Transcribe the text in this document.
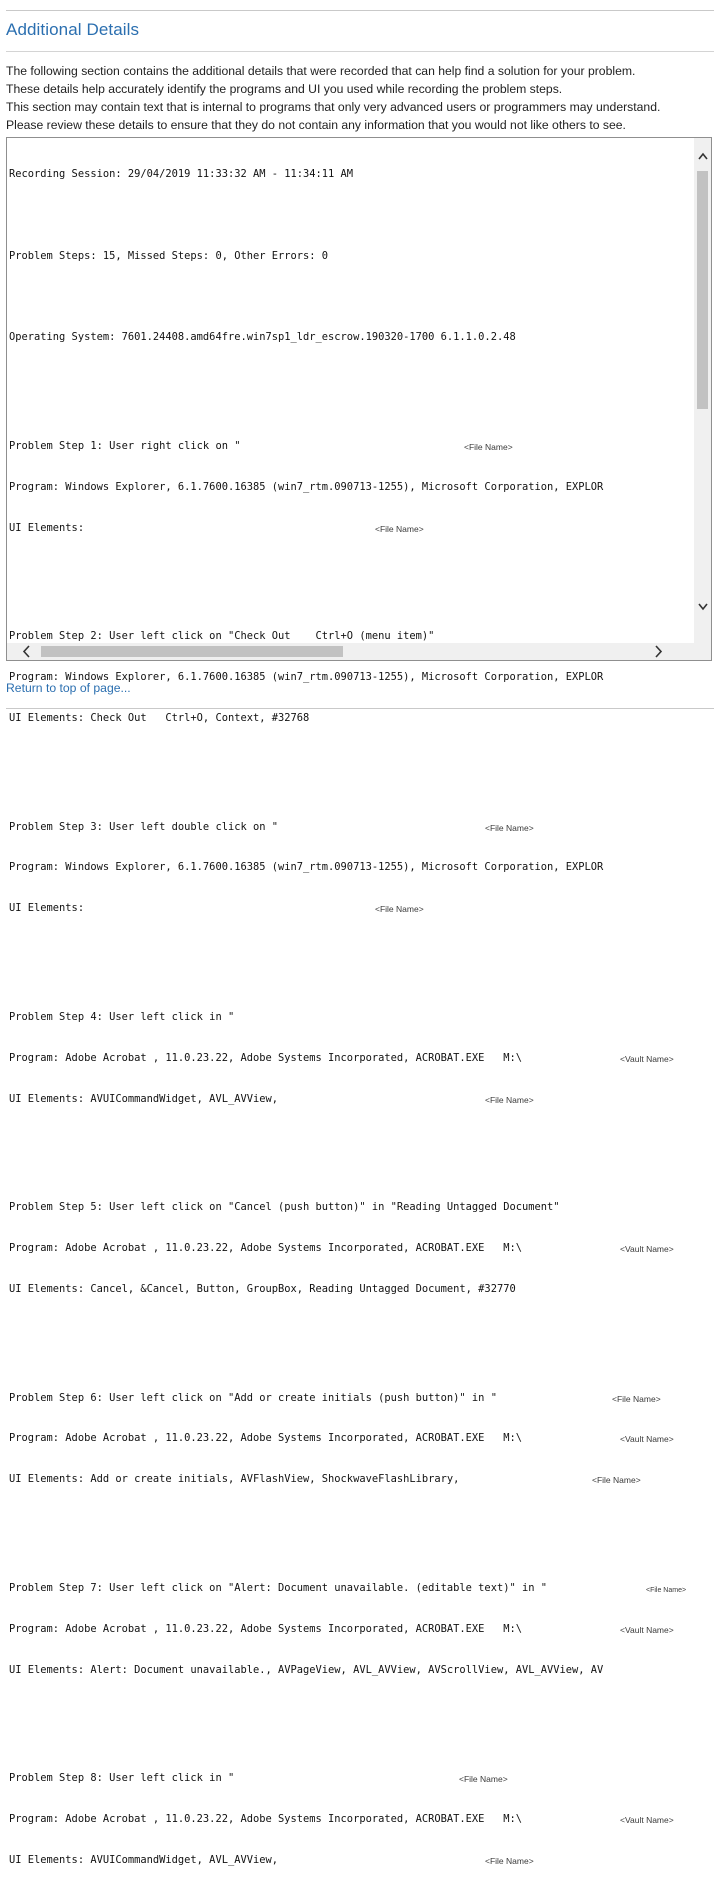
Additional Details

The following section contains the additional details that were recorded that can help find a solution for your problem.

These details help accurately identify the programs and UI you used while recording the problem steps.

This section may contain text that is internal to programs that only very advanced users or programmers may understand.

Please review these details to ensure that they do not contain any information that you would not like others to see.

Recording Session: 29/04/2019 11:33:32 AM - 11:34:11 AM

Problem Steps: 15, Missed Steps: 0, Other Errors: 0

Operating System: 7601.24408.amd64fre.win7sp1_ldr_escrow.190320-1700 6.1.1.0.2.48

Problem Step 1: User right click on "	<File Name>

Program: Windows Explorer, 6.1.7600.16385 (win7_rtm.090713-1255), Microsoft Corporation, EXPLOR

UI Elements:	<File Name>

Problem Step 2: User left click on "Check Out    Ctrl+O (menu item)"

Program: Windows Explorer, 6.1.7600.16385 (win7_rtm.090713-1255), Microsoft Corporation, EXPLOR

UI Elements: Check Out   Ctrl+O, Context, #32768

Problem Step 3: User left double click on "	<File Name>

Program: Windows Explorer, 6.1.7600.16385 (win7_rtm.090713-1255), Microsoft Corporation, EXPLOR

UI Elements:	<File Name>

Problem Step 4: User left click in "

Program: Adobe Acrobat , 11.0.23.22, Adobe Systems Incorporated, ACROBAT.EXE   M:\	<Vault Name>

UI Elements: AVUICommandWidget, AVL_AVView,	<File Name>

Problem Step 5: User left click on "Cancel (push button)" in "Reading Untagged Document"

Program: Adobe Acrobat , 11.0.23.22, Adobe Systems Incorporated, ACROBAT.EXE   M:\	<Vault Name>

UI Elements: Cancel, &Cancel, Button, GroupBox, Reading Untagged Document, #32770

Problem Step 6: User left click on "Add or create initials (push button)" in "	<File Name>

Program: Adobe Acrobat , 11.0.23.22, Adobe Systems Incorporated, ACROBAT.EXE   M:\	<Vault Name>

UI Elements: Add or create initials, AVFlashView, ShockwaveFlashLibrary,	<File Name>

Problem Step 7: User left click on "Alert: Document unavailable. (editable text)" in "	<File Name>

Program: Adobe Acrobat , 11.0.23.22, Adobe Systems Incorporated, ACROBAT.EXE   M:\	<Vault Name>

UI Elements: Alert: Document unavailable., AVPageView, AVL_AVView, AVScrollView, AVL_AVView, AV

Problem Step 8: User left click in "	<File Name>

Program: Adobe Acrobat , 11.0.23.22, Adobe Systems Incorporated, ACROBAT.EXE   M:\	<Vault Name>

UI Elements: AVUICommandWidget, AVL_AVView,	<File Name>

Return to top of page...
